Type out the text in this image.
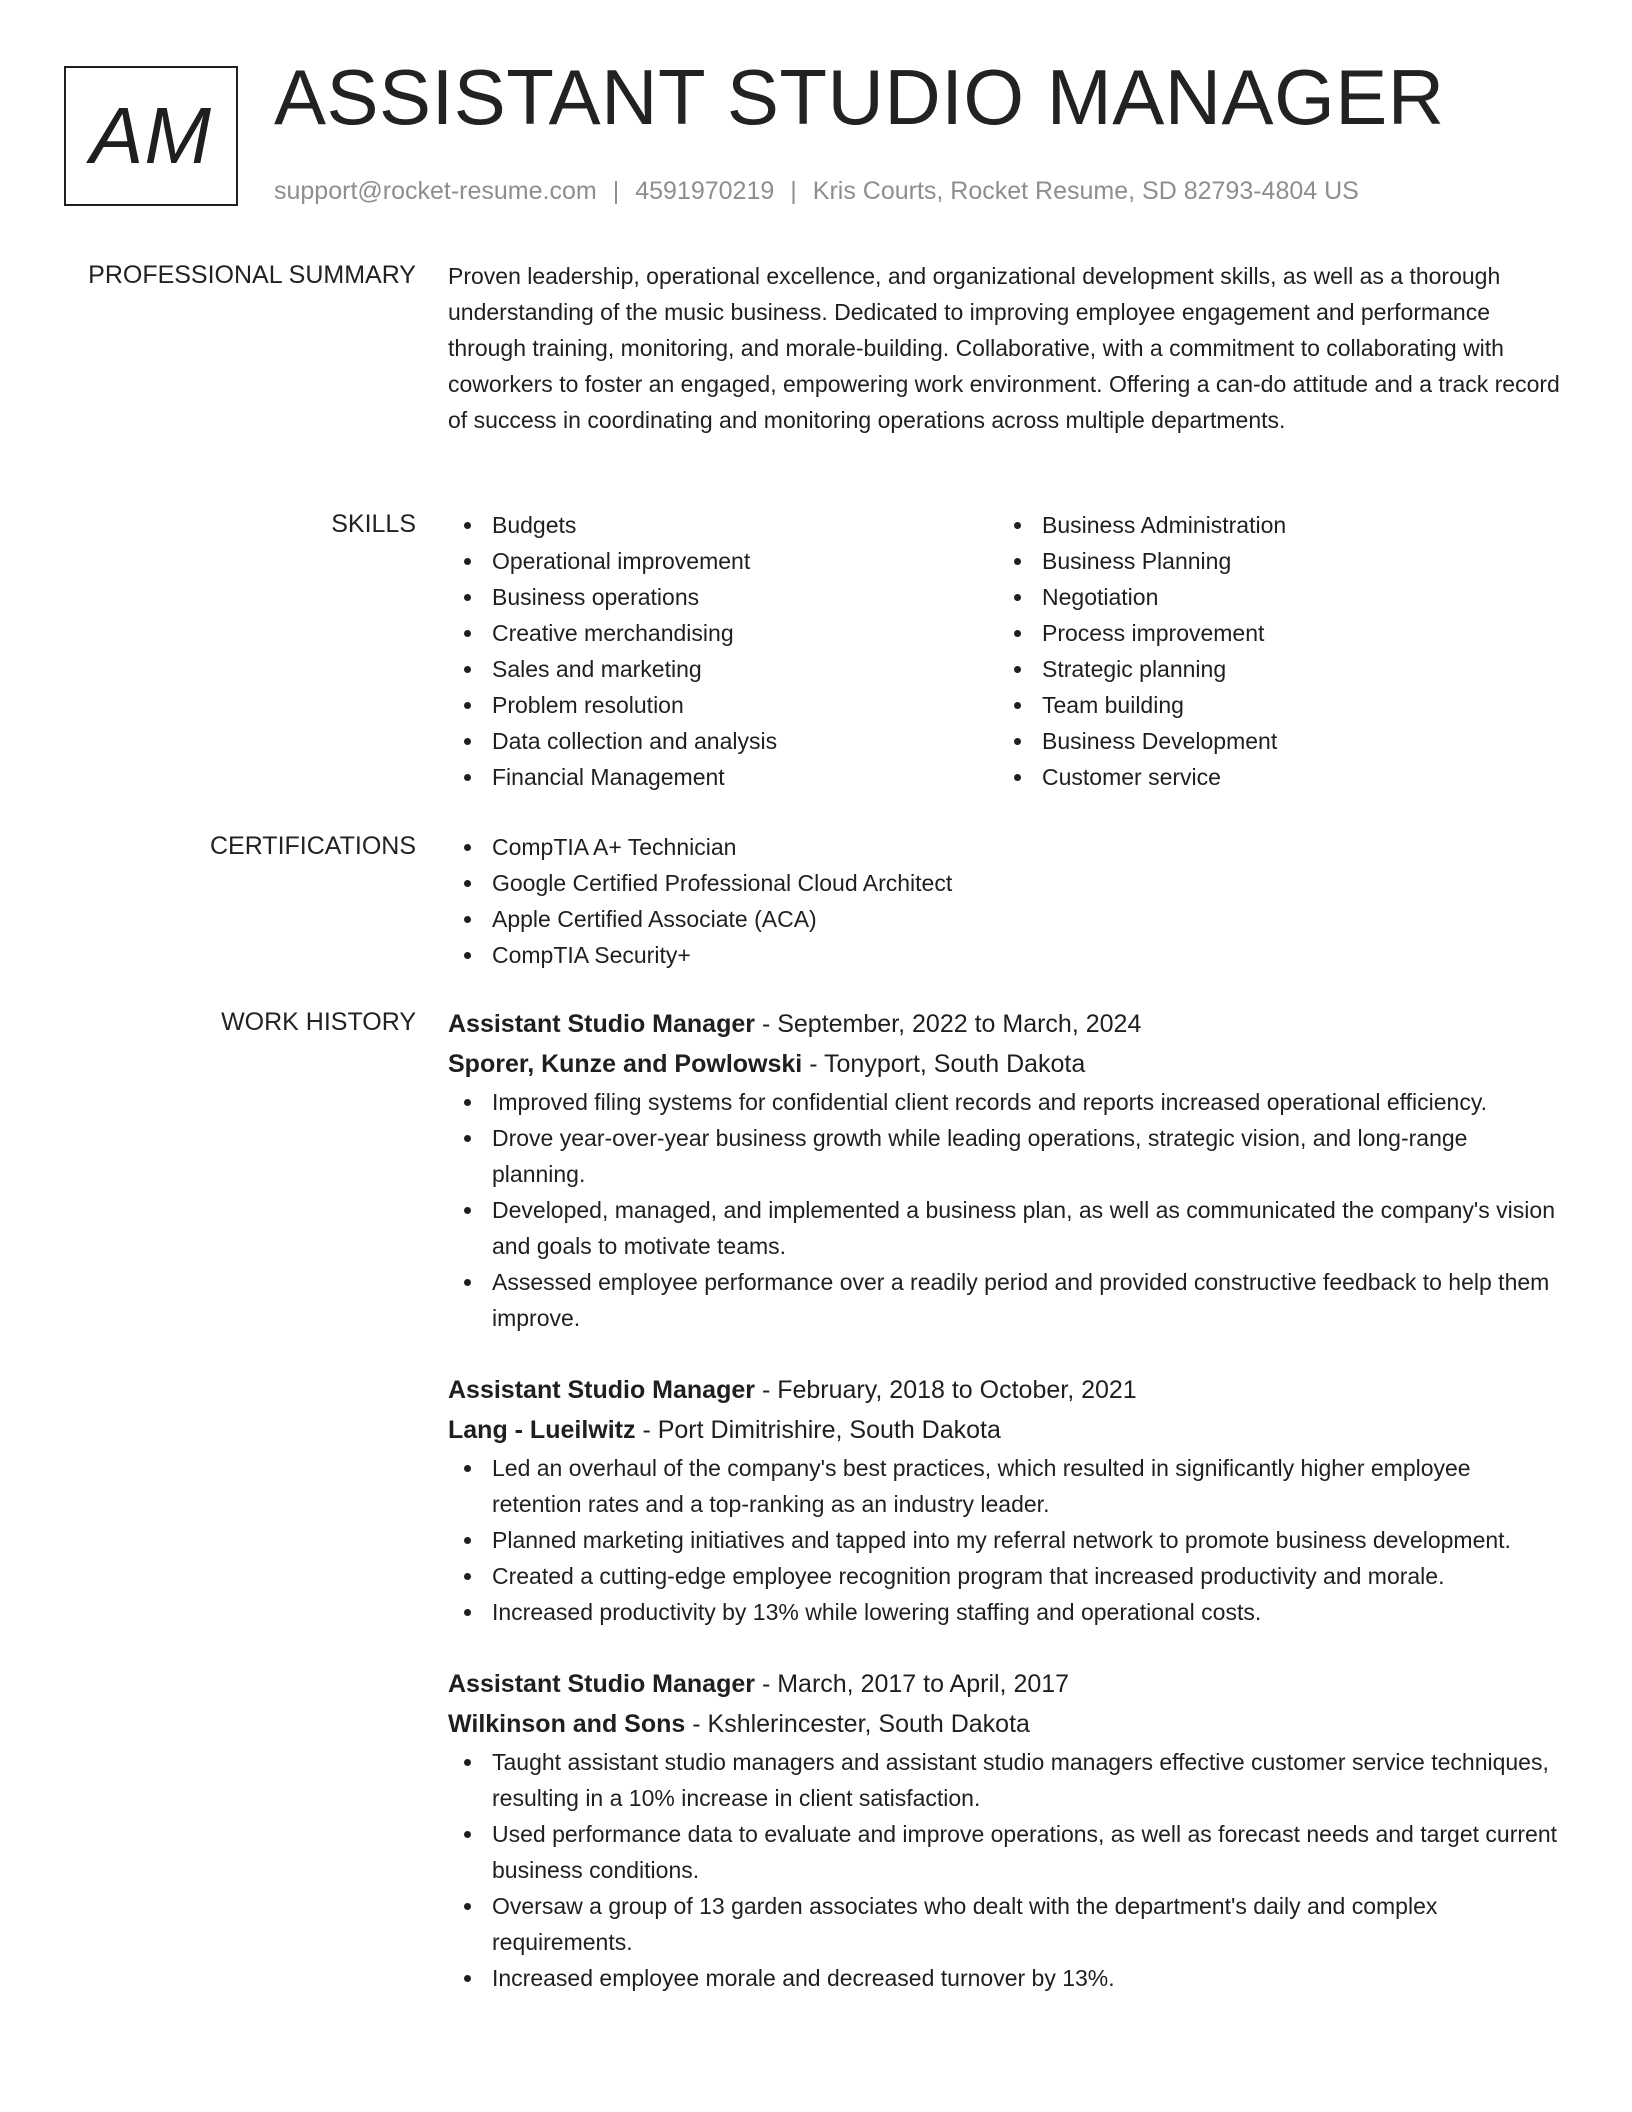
AM ASSISTANT STUDIO MANAGER
support@rocket-resume.com | 4591970219 | Kris Courts, Rocket Resume, SD 82793-4804 US
PROFESSIONAL SUMMARY Proven leadership, operational excellence, and organizational development skills, as well as a thorough understanding of the music business. Dedicated to improving employee engagement and performance through training, monitoring, and morale-building. Collaborative, with a commitment to collaborating with coworkers to foster an engaged, empowering work environment. Offering a can-do attitude and a track record of success in coordinating and monitoring operations across multiple departments.

SKILLS	Budgets
Operational improvement
Business operations
Creative merchandising
Sales and marketing
Problem resolution
Data collection and analysis
Financial Management
Business Administration
Business Planning
Negotiation
Process improvement
Strategic planning
Team building
Business Development
Customer service
CERTIFICATIONS	CompTIA A+ Technician
Google Certified Professional Cloud Architect
Apple Certified Associate (ACA)
CompTIA Security+
WORK HISTORY Assistant Studio Manager - September, 2022 to March, 2024
Sporer, Kunze and Powlowski - Tonyport, South Dakota
Improved filing systems for confidential client records and reports increased operational efficiency.
Drove year-over-year business growth while leading operations, strategic vision, and long-range planning.
Developed, managed, and implemented a business plan, as well as communicated the company's vision and goals to motivate teams.
Assessed employee performance over a readily period and provided constructive feedback to help them improve.
Assistant Studio Manager - February, 2018 to October, 2021
Lang - Lueilwitz - Port Dimitrishire, South Dakota
Led an overhaul of the company's best practices, which resulted in significantly higher employee retention rates and a top-ranking as an industry leader.
Planned marketing initiatives and tapped into my referral network to promote business development.
Created a cutting-edge employee recognition program that increased productivity and morale.
Increased productivity by 13% while lowering staffing and operational costs.
Assistant Studio Manager - March, 2017 to April, 2017
Wilkinson and Sons - Kshlerincester, South Dakota
Taught assistant studio managers and assistant studio managers effective customer service techniques, resulting in a 10% increase in client satisfaction.
Used performance data to evaluate and improve operations, as well as forecast needs and target current business conditions.
Oversaw a group of 13 garden associates who dealt with the department's daily and complex requirements.
Increased employee morale and decreased turnover by 13%.
